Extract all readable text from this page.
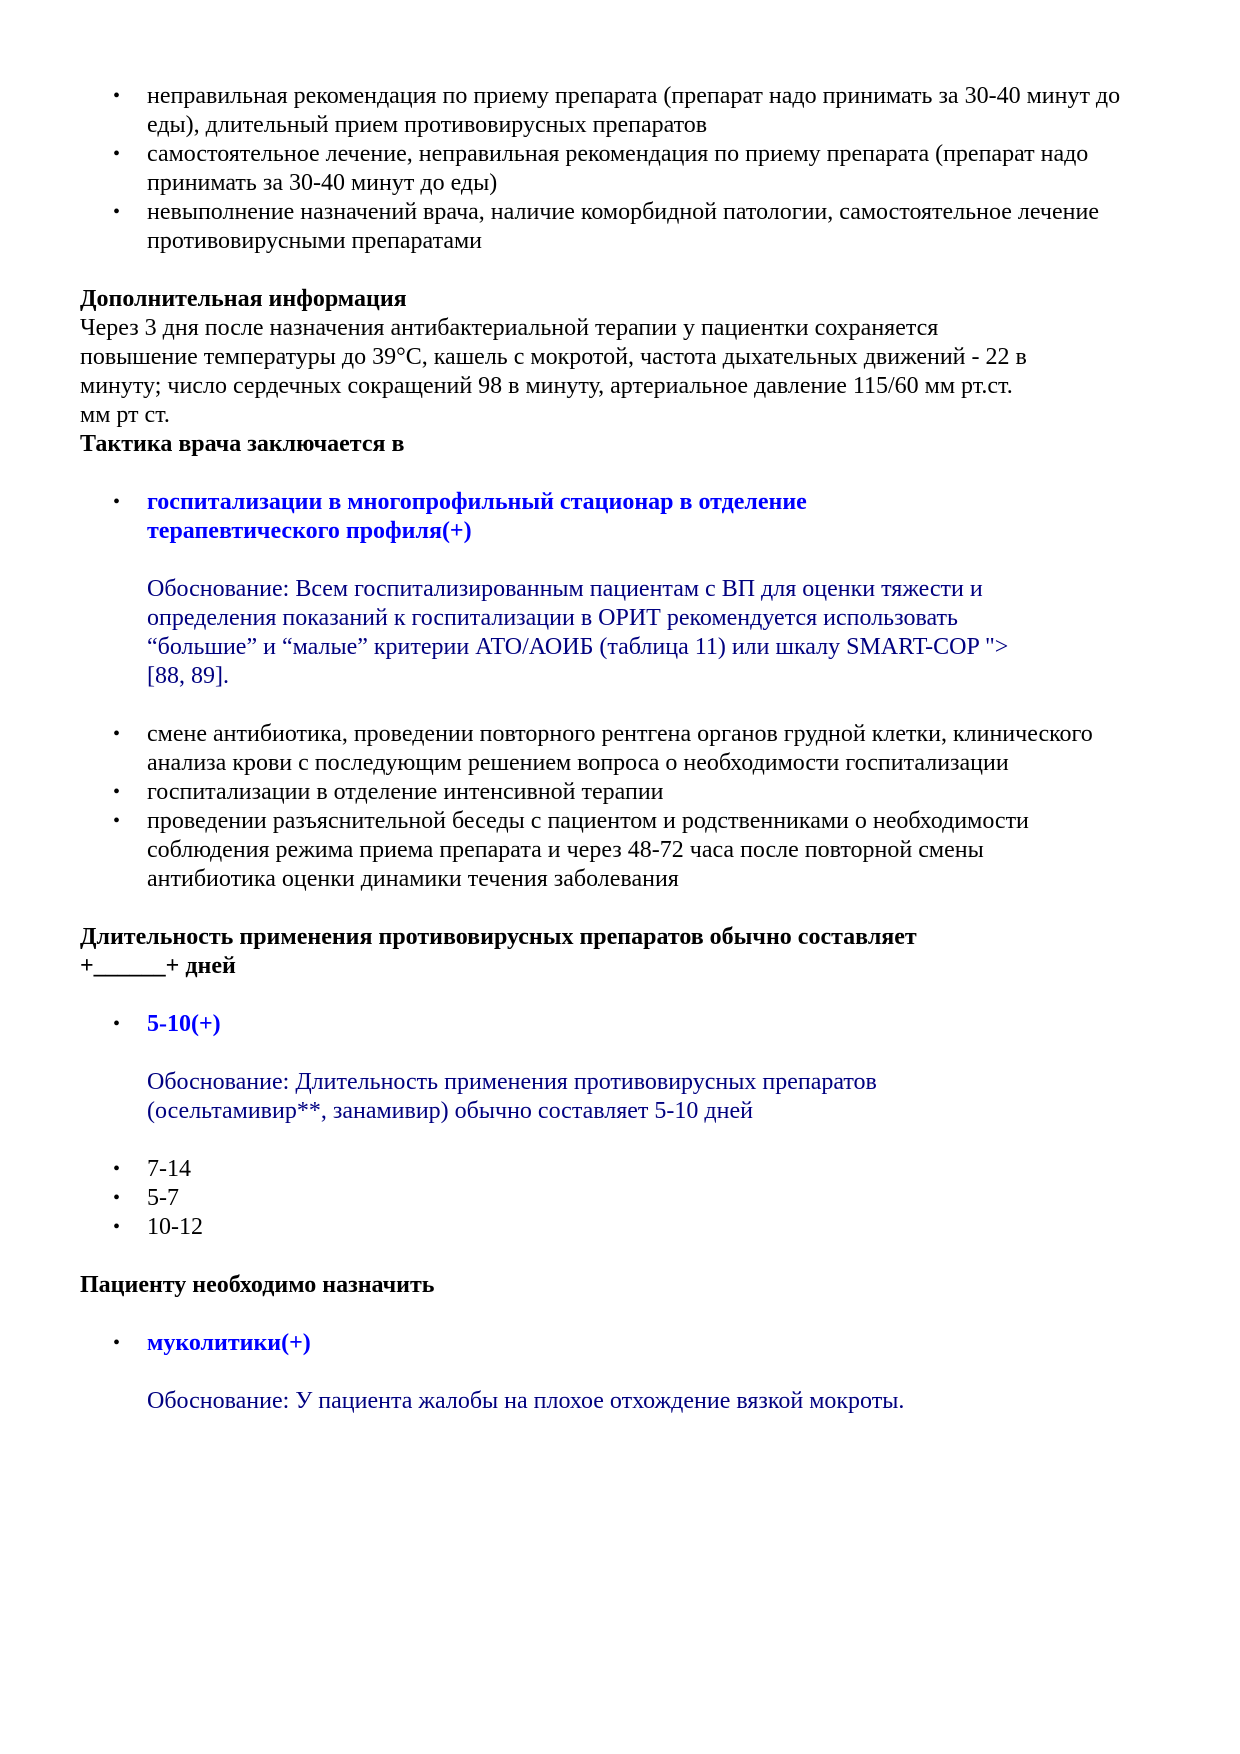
• неправильная рекомендация по приему препарата (препарат надо принимать за 30-40 минут до еды), длительный прием противовирусных препаратов
• самостоятельное лечение, неправильная рекомендация по приему препарата (препарат надо принимать за 30-40 минут до еды)
• невыполнение назначений врача, наличие коморбидной патологии, самостоятельное лечение противовирусными препаратами
Дополнительная информация
Через 3 дня после назначения антибактериальной терапии у пациентки сохраняется повышение температуры до 39°С, кашель с мокротой, частота дыхательных движений - 22 в минуту; число сердечных сокращений 98 в минуту, артериальное давление 115/60 мм рт.ст. мм рт ст.
Тактика врача заключается в
• госпитализации в многопрофильный стационар в отделение терапевтического профиля(+)
Обоснование: Всем госпитализированным пациентам с ВП для оценки тяжести и определения показаний к госпитализации в ОРИТ рекомендуется использовать “большие” и “малые” критерии АТО/АОИБ (таблица 11) или шкалу SMART-COP ">
[88, 89].
• смене антибиотика, проведении повторного рентгена органов грудной клетки, клинического анализа крови с последующим решением вопроса о необходимости госпитализации
• госпитализации в отделение интенсивной терапии
• проведении разъяснительной беседы с пациентом и родственниками о необходимости соблюдения режима приема препарата и через 48-72 часа после повторной смены антибиотика оценки динамики течения заболевания
Длительность применения противовирусных препаратов обычно составляет +______+ дней
• 5-10(+)
Обоснование: Длительность применения противовирусных препаратов (осельтамивир**, занамивир) обычно составляет 5-10 дней
• 7-14
• 5-7
• 10-12
Пациенту необходимо назначить
• муколитики(+)
Обоснование: У пациента жалобы на плохое отхождение вязкой мокроты.
